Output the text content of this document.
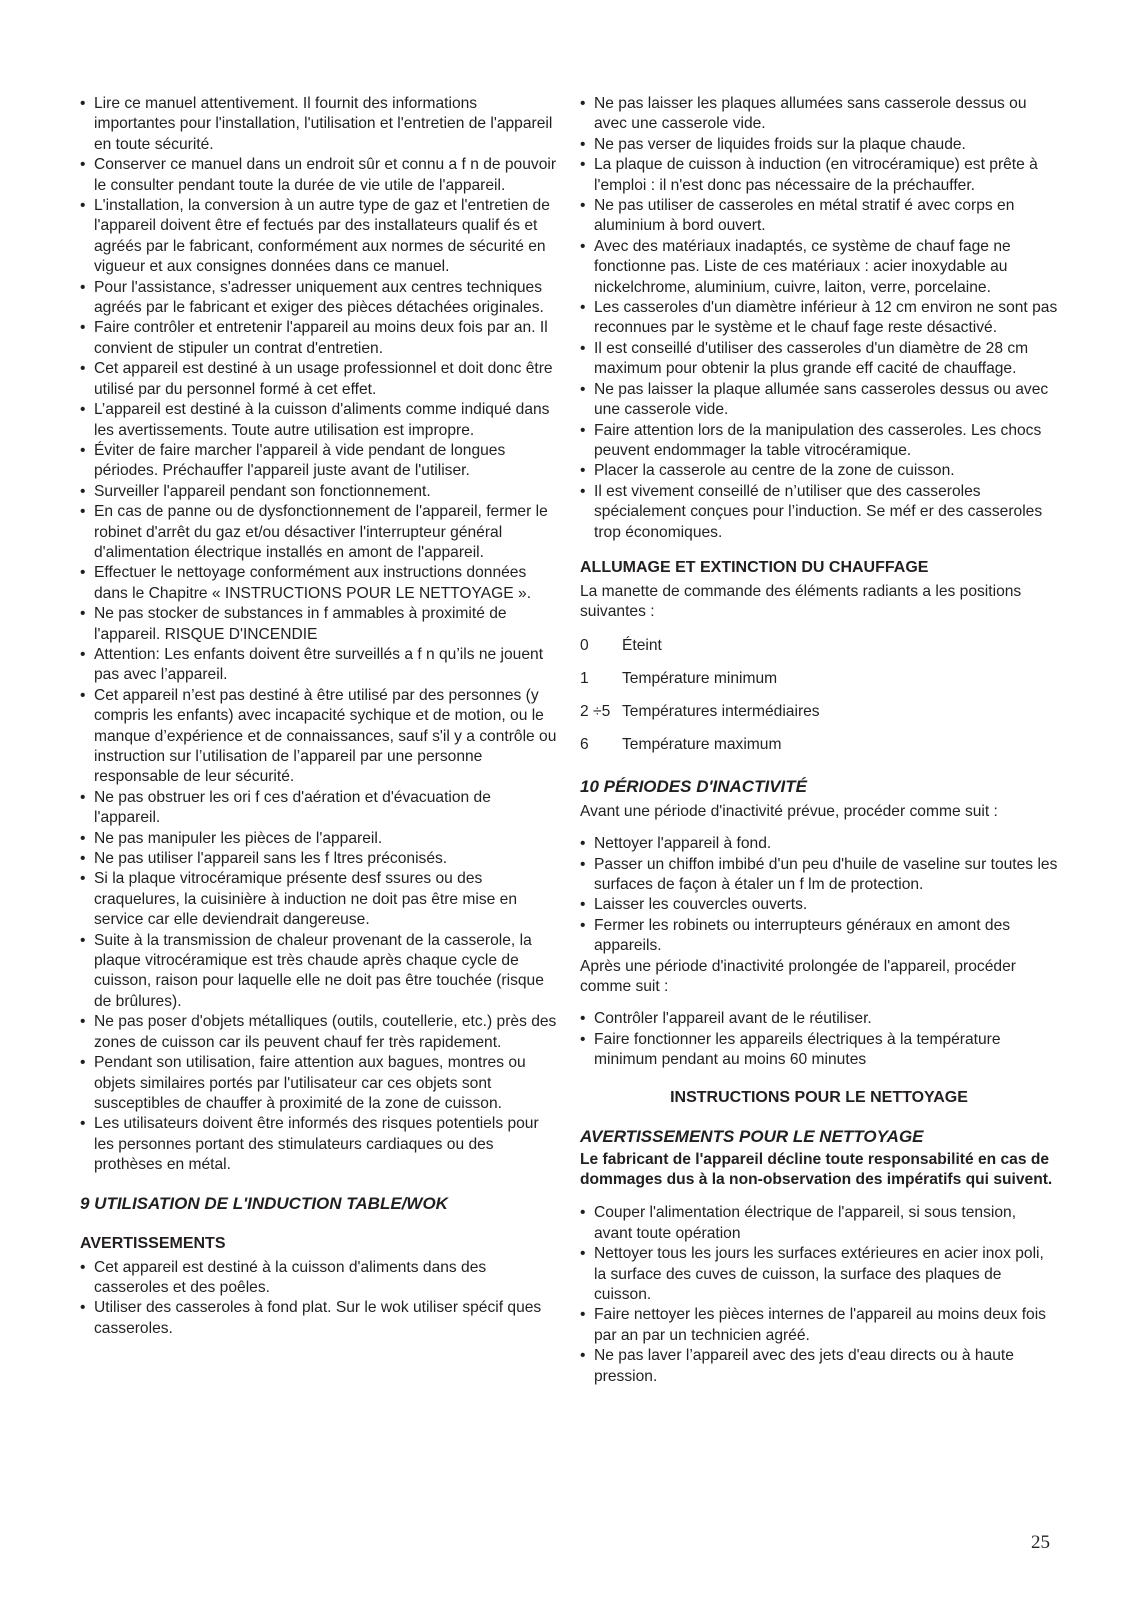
• Lire ce manuel attentivement. Il fournit des informations importantes pour l'installation, l'utilisation et l'entretien de l'appareil en toute sécurité.
• Conserver ce manuel dans un endroit sûr et connu a f n de pouvoir le consulter pendant toute la durée de vie utile de l'appareil.
• L'installation, la conversion à un autre type de gaz et l'entretien de l'appareil doivent être ef fectués par des installateurs qualif és et agréés par le fabricant, conformément aux normes de sécurité en vigueur et aux consignes données dans ce manuel.
• Pour l'assistance, s'adresser uniquement aux centres techniques agréés par le fabricant et exiger des pièces détachées originales.
• Faire contrôler et entretenir l'appareil au moins deux fois par an. Il convient de stipuler un contrat d'entretien.
• Cet appareil est destiné à un usage professionnel et doit donc être utilisé par du personnel formé à cet effet.
• L’appareil est destiné à la cuisson d'aliments comme indiqué dans les avertissements. Toute autre utilisation est impropre.
• Éviter de faire marcher l'appareil à vide pendant de longues périodes. Préchauffer l'appareil juste avant de l'utiliser.
• Surveiller l'appareil pendant son fonctionnement.
• En cas de panne ou de dysfonctionnement de l'appareil, fermer le robinet d'arrêt du gaz et/ou désactiver l'interrupteur général d'alimentation électrique installés en amont de l'appareil.
• Effectuer le nettoyage conformément aux instructions données dans le Chapitre « INSTRUCTIONS POUR LE NETTOYAGE ».
• Ne pas stocker de substances in f ammables à proximité de l'appareil. RISQUE D'INCENDIE
• Attention: Les enfants doivent être surveillés a f n qu’ils ne jouent pas avec l’appareil.
• Cet appareil n’est pas destiné à être utilisé par des personnes (y compris les enfants) avec incapacité sychique et de motion, ou le manque d’expérience et de connaissances, sauf s'il y a contrôle ou instruction sur l’utilisation de l’appareil par une personne responsable de leur sécurité.
• Ne pas obstruer les ori f ces d'aération et d'évacuation de l'appareil.
• Ne pas manipuler les pièces de l'appareil.
• Ne pas utiliser l'appareil sans les f ltres préconisés.
• Si la plaque vitrocéramique présente desf ssures ou des craquelures, la cuisinière à induction ne doit pas être mise en service car elle deviendrait dangereuse.
• Suite à la transmission de chaleur provenant de la casserole, la plaque vitrocéramique est très chaude après chaque cycle de cuisson, raison pour laquelle elle ne doit pas être touchée (risque de brûlures).
• Ne pas poser d'objets métalliques (outils, coutellerie, etc.) près des zones de cuisson car ils peuvent chauf fer très rapidement.
• Pendant son utilisation, faire attention aux bagues, montres ou objets similaires portés par l'utilisateur car ces objets sont susceptibles de chauffer à proximité de la zone de cuisson.
• Les utilisateurs doivent être informés des risques potentiels pour les personnes portant des stimulateurs cardiaques ou des prothèses en métal.
9 UTILISATION DE L'INDUCTION TABLE/WOK
AVERTISSEMENTS
• Cet appareil est destiné à la cuisson d'aliments dans des casseroles et des poêles.
• Utiliser des casseroles à fond plat. Sur le wok utiliser spécif ques casseroles.
• Ne pas laisser les plaques allumées sans casserole dessus ou avec une casserole vide.
• Ne pas verser de liquides froids sur la plaque chaude.
• La plaque de cuisson à induction (en vitrocéramique) est prête à l'emploi : il n'est donc pas nécessaire de la préchauffer.
• Ne pas utiliser de casseroles en métal stratif é avec corps en aluminium à bord ouvert.
• Avec des matériaux inadaptés, ce système de chauf fage ne fonctionne pas. Liste de ces matériaux : acier inoxydable au nickelchrome, aluminium, cuivre, laiton, verre, porcelaine.
• Les casseroles d'un diamètre inférieur à 12 cm environ ne sont pas reconnues par le système et le chauf fage reste désactivé.
• Il est conseillé d'utiliser des casseroles d'un diamètre de 28 cm maximum pour obtenir la plus grande eff cacité de chauffage.
• Ne pas laisser la plaque allumée sans casseroles dessus ou avec une casserole vide.
• Faire attention lors de la manipulation des casseroles. Les chocs peuvent endommager la table vitrocéramique.
• Placer la casserole au centre de la zone de cuisson.
• Il est vivement conseillé de n’utiliser que des casseroles spécialement conçues pour l’induction. Se méf er des casseroles trop économiques.
ALLUMAGE ET EXTINCTION DU CHAUFFAGE

La manette de commande des éléments radiants a les positions suivantes :

0	Éteint
1	Température minimum
2 ÷5 Températures intermédiaires
6	Température maximum
10 PÉRIODES D'INACTIVITÉ

Avant une période d'inactivité prévue, procéder comme suit :

• Nettoyer l'appareil à fond.
• Passer un chiffon imbibé d'un peu d'huile de vaseline sur toutes les surfaces de façon à étaler un f lm de protection.
• Laisser les couvercles ouverts.
• Fermer les robinets ou interrupteurs généraux en amont des appareils.

Après une période d'inactivité prolongée de l'appareil, procéder comme suit :

• Contrôler l'appareil avant de le réutiliser.
• Faire fonctionner les appareils électriques à la température minimum pendant au moins 60 minutes
INSTRUCTIONS POUR LE NETTOYAGE
AVERTISSEMENTS POUR LE NETTOYAGE

Le fabricant de l'appareil décline toute responsabilité en cas de dommages dus à la non-observation des impératifs qui suivent.

• Couper l'alimentation électrique de l'appareil, si sous tension, avant toute opération
• Nettoyer tous les jours les surfaces extérieures en acier inox poli, la surface des cuves de cuisson, la surface des plaques de cuisson.
• Faire nettoyer les pièces internes de l'appareil au moins deux fois par an par un technicien agréé.
• Ne pas laver l’appareil avec des jets d'eau directs ou à haute pression.
25
